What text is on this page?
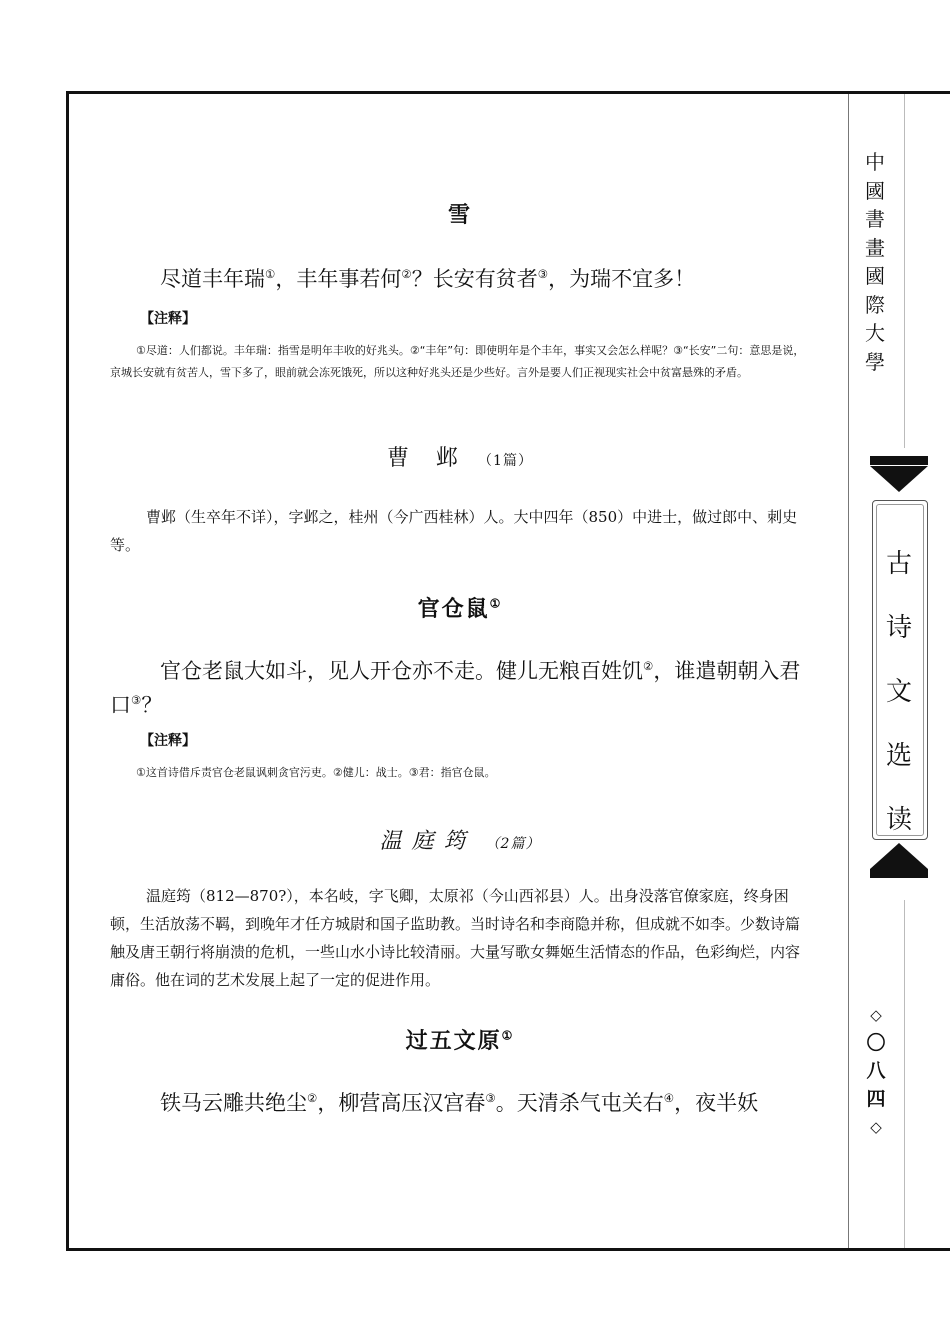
雪
尽道丰年瑞①，丰年事若何②？长安有贫者③，为瑞不宜多！
【注释】
①尽道：人们都说。丰年瑞：指雪是明年丰收的好兆头。②“丰年”句：即使明年是个丰年，事实又会怎么样呢？③“长安”二句：意思是说，京城长安就有贫苦人，雪下多了，眼前就会冻死饿死，所以这种好兆头还是少些好。言外是要人们正视现实社会中贫富悬殊的矛盾。
曹 邺 （1篇）
曹邺（生卒年不详），字邺之，桂州（今广西桂林）人。大中四年（850）中进士，做过郎中、刺史等。
官仓鼠①
官仓老鼠大如斗，见人开仓亦不走。健儿无粮百姓饥②，谁遣朝朝入君口③？
【注释】
①这首诗借斥责官仓老鼠讽刺贪官污吏。②健儿：战士。③君：指官仓鼠。
温庭筠 （2篇）
温庭筠（812—870?），本名岐，字飞卿，太原祁（今山西祁县）人。出身没落官僚家庭，终身困顿，生活放荡不羁，到晚年才任方城尉和国子监助教。当时诗名和李商隐并称，但成就不如李。少数诗篇触及唐王朝行将崩溃的危机，一些山水小诗比较清丽。大量写歌女舞姬生活情态的作品，色彩绚烂，内容庸俗。他在词的艺术发展上起了一定的促进作用。
过五文原①
铁马云雕共绝尘②，柳营高压汉宫春③。天清杀气屯关右④，夜半妖
中
國
書
畫
國
際
大
學
古
诗
文
选
读
◇
〇
八
四
◇
